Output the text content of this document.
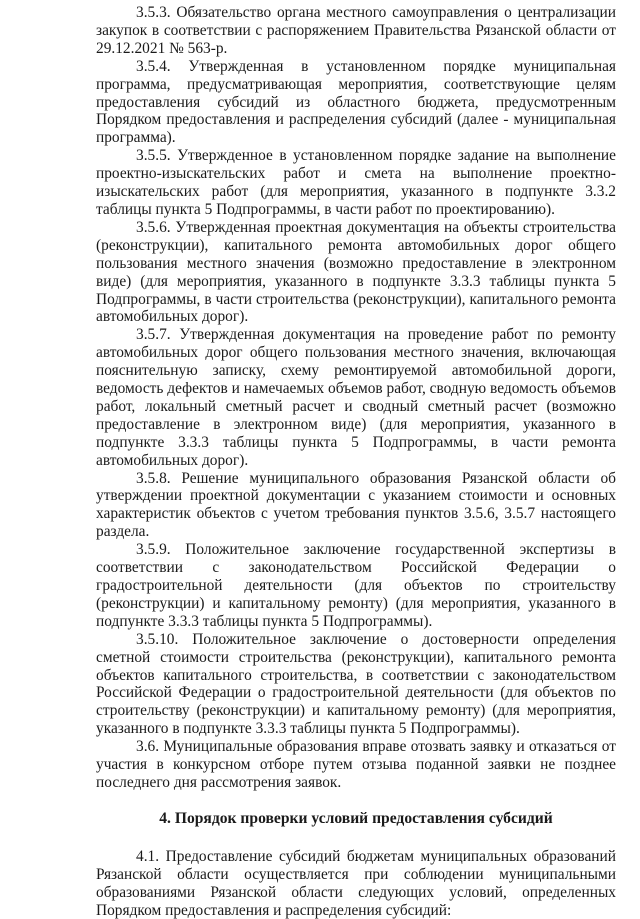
3.5.3. Обязательство органа местного самоуправления о централизации закупок в соответствии с распоряжением Правительства Рязанской области от 29.12.2021 № 563-р.

3.5.4. Утвержденная в установленном порядке муниципальная программа, предусматривающая мероприятия, соответствующие целям предоставления субсидий из областного бюджета, предусмотренным Порядком предоставления и распределения субсидий (далее - муниципальная программа).

3.5.5. Утвержденное в установленном порядке задание на выполнение проектно-изыскательских работ и смета на выполнение проектно-изыскательских работ (для мероприятия, указанного в подпункте 3.3.2 таблицы пункта 5 Подпрограммы, в части работ по проектированию).

3.5.6. Утвержденная проектная документация на объекты строительства (реконструкции), капитального ремонта автомобильных дорог общего пользования местного значения (возможно предоставление в электронном виде) (для мероприятия, указанного в подпункте 3.3.3 таблицы пункта 5 Подпрограммы, в части строительства (реконструкции), капитального ремонта автомобильных дорог).

3.5.7. Утвержденная документация на проведение работ по ремонту автомобильных дорог общего пользования местного значения, включающая пояснительную записку, схему ремонтируемой автомобильной дороги, ведомость дефектов и намечаемых объемов работ, сводную ведомость объемов работ, локальный сметный расчет и сводный сметный расчет (возможно предоставление в электронном виде) (для мероприятия, указанного в подпункте 3.3.3 таблицы пункта 5 Подпрограммы, в части ремонта автомобильных дорог).

3.5.8. Решение муниципального образования Рязанской области об утверждении проектной документации с указанием стоимости и основных характеристик объектов с учетом требования пунктов 3.5.6, 3.5.7 настоящего раздела.

3.5.9. Положительное заключение государственной экспертизы в соответствии с законодательством Российской Федерации о градостроительной деятельности (для объектов по строительству (реконструкции) и капитальному ремонту) (для мероприятия, указанного в подпункте 3.3.3 таблицы пункта 5 Подпрограммы).

3.5.10. Положительное заключение о достоверности определения сметной стоимости строительства (реконструкции), капитального ремонта объектов капитального строительства, в соответствии с законодательством Российской Федерации о градостроительной деятельности (для объектов по строительству (реконструкции) и капитальному ремонту) (для мероприятия, указанного в подпункте 3.3.3 таблицы пункта 5 Подпрограммы).

3.6. Муниципальные образования вправе отозвать заявку и отказаться от участия в конкурсном отборе путем отзыва поданной заявки не позднее последнего дня рассмотрения заявок.

4. Порядок проверки условий предоставления субсидий

4.1. Предоставление субсидий бюджетам муниципальных образований Рязанской области осуществляется при соблюдении муниципальными образованиями Рязанской области следующих условий, определенных Порядком предоставления и распределения субсидий:
